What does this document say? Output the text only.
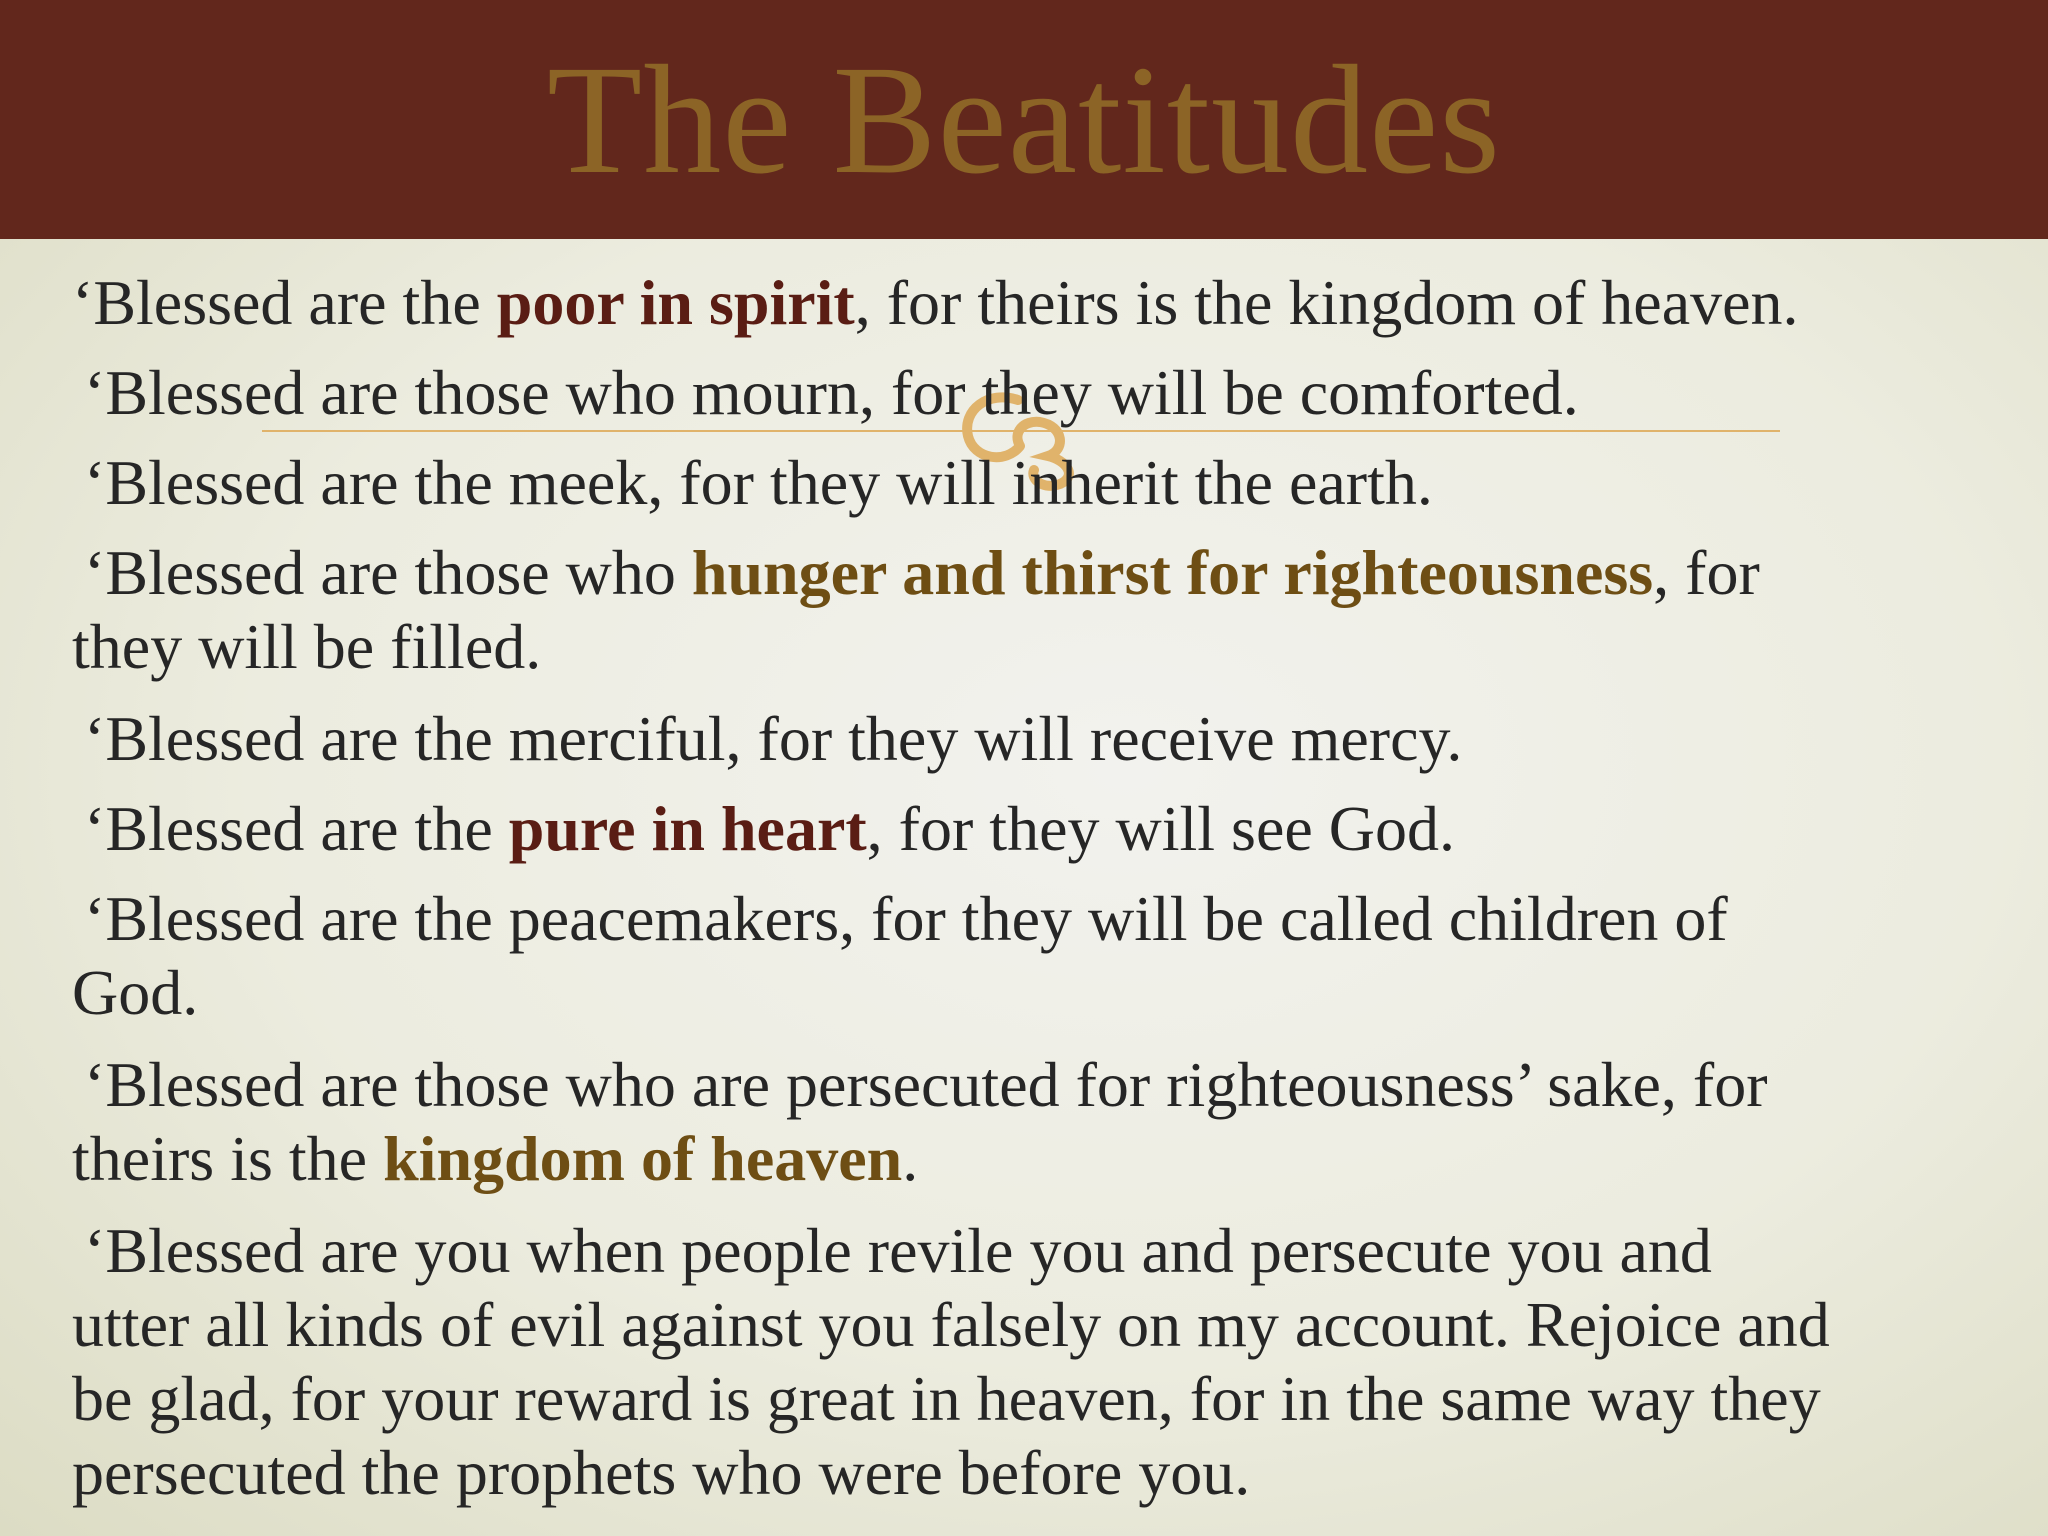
The Beatitudes
‘Blessed are the poor in spirit, for theirs is the kingdom of heaven.
‘Blessed are those who mourn, for they will be comforted.
‘Blessed are the meek, for they will inherit the earth.
‘Blessed are those who hunger and thirst for righteousness, for
they will be filled.
‘Blessed are the merciful, for they will receive mercy.
‘Blessed are the pure in heart, for they will see God.
‘Blessed are the peacemakers, for they will be called children of
God.
‘Blessed are those who are persecuted for righteousness’ sake, for
theirs is the kingdom of heaven.
‘Blessed are you when people revile you and persecute you and
utter all kinds of evil against you falsely on my account. Rejoice and
be glad, for your reward is great in heaven, for in the same way they
persecuted the prophets who were before you.
